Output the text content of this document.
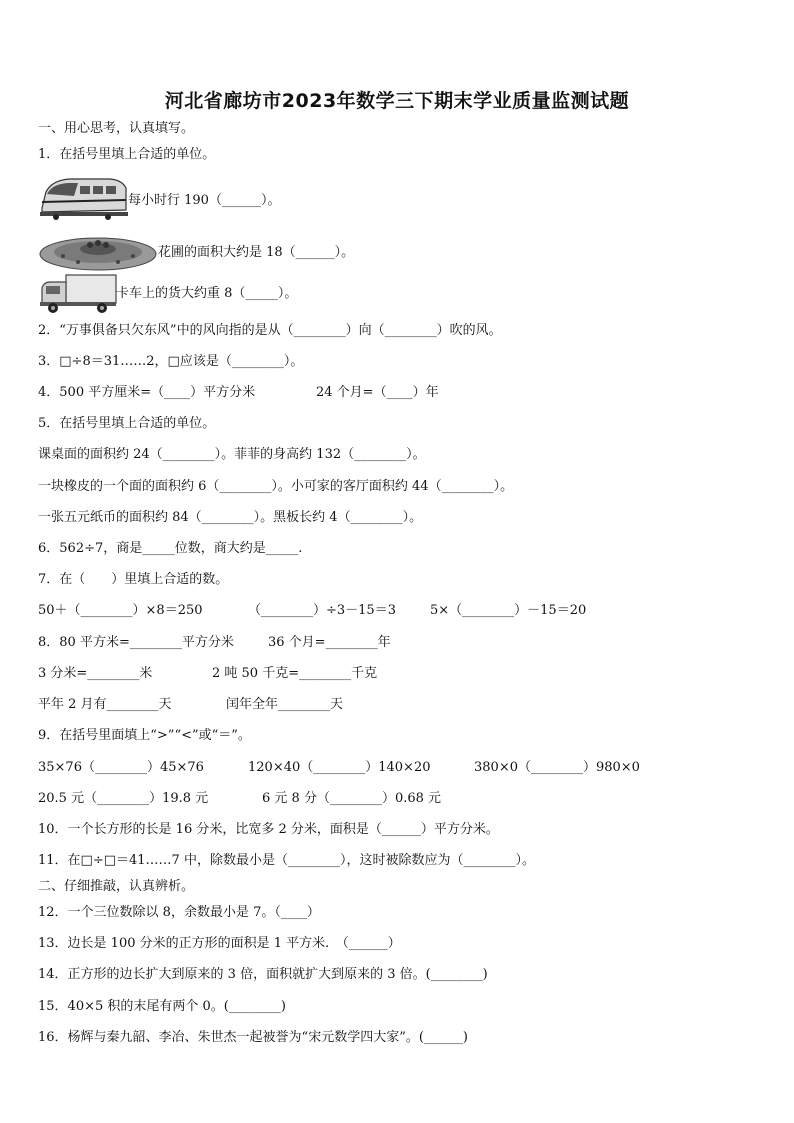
河北省廊坊市2023年数学三下期末学业质量监测试题
一、用心思考，认真填写。
1．在括号里填上合适的单位。
每小时行 190（______）。
花圃的面积大约是 18（______）。
卡车上的货大约重 8（_____）。
2．“万事俱备只欠东风”中的风向指的是从（________）向（________）吹的风。
3．□÷8＝31……2，□应该是（________）。
4．500 平方厘米=（____）平方分米	24 个月=（____）年
5．在括号里填上合适的单位。
课桌面的面积约 24（________）。菲菲的身高约 132（________）。
一块橡皮的一个面的面积约 6（________）。小可家的客厅面积约 44（________）。
一张五元纸币的面积约 84（________）。黑板长约 4（________）。
6．562÷7，商是_____位数，商大约是_____.
7．在（　　）里填上合适的数。
50＋（________）×8＝250	（________）÷3－15＝3	5×（________）－15＝20
8．80 平方米=________平方分米	36 个月=________年
3 分米=________米	2 吨 50 千克=________千克
平年 2 月有________天	闰年全年________天
9．在括号里面填上“>”“<”或“＝”。
35×76（________）45×76	120×40（________）140×20	380×0（________）980×0
20.5 元（________）19.8 元	6 元 8 分（________）0.68 元
10．一个长方形的长是 16 分米，比宽多 2 分米，面积是（______）平方分米。
11．在□÷□＝41……7 中，除数最小是（________），这时被除数应为（________）。
二、仔细推敲，认真辨析。
12．一个三位数除以 8，余数最小是 7。（____）
13．边长是 100 分米的正方形的面积是 1 平方米.　（______）
14．正方形的边长扩大到原来的 3 倍，面积就扩大到原来的 3 倍。(________)
15．40×5 积的末尾有两个 0。(________)
16．杨辉与秦九韶、李冶、朱世杰一起被誉为“宋元数学四大家”。(______)
